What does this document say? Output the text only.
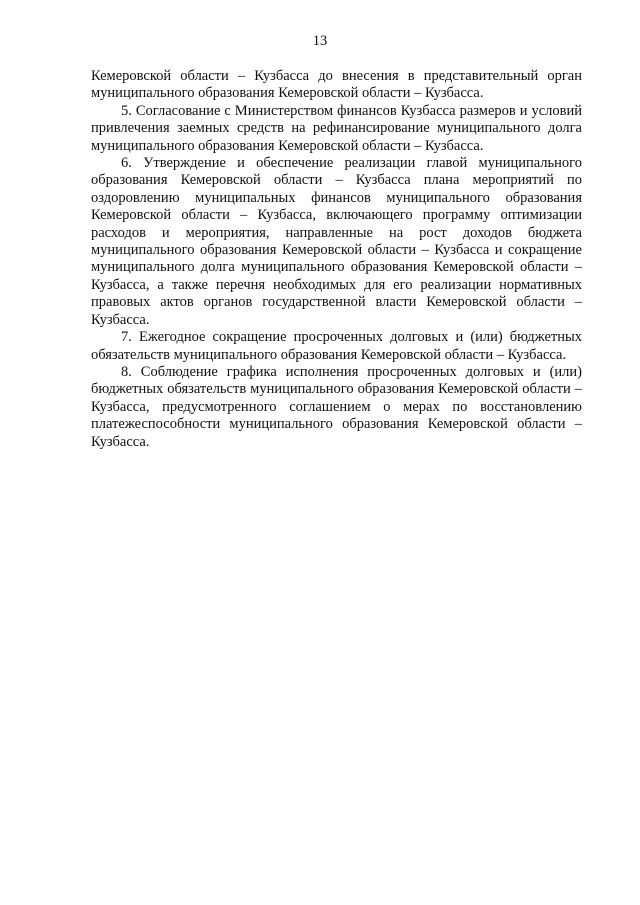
13

Кемеровской области – Кузбасса до внесения в представительный орган муниципального образования Кемеровской области – Кузбасса.

5. Согласование с Министерством финансов Кузбасса размеров и условий привлечения заемных средств на рефинансирование муниципального долга муниципального образования Кемеровской области – Кузбасса.

6. Утверждение и обеспечение реализации главой муниципального образования Кемеровской области – Кузбасса плана мероприятий по оздоровлению муниципальных финансов муниципального образования Кемеровской области – Кузбасса, включающего программу оптимизации расходов и мероприятия, направленные на рост доходов бюджета муниципального образования Кемеровской области – Кузбасса и сокращение муниципального долга муниципального образования Кемеровской области – Кузбасса, а также перечня необходимых для его реализации нормативных правовых актов органов государственной власти Кемеровской области – Кузбасса.

7. Ежегодное сокращение просроченных долговых и (или) бюджетных обязательств муниципального образования Кемеровской области – Кузбасса.

8. Соблюдение графика исполнения просроченных долговых и (или) бюджетных обязательств муниципального образования Кемеровской области – Кузбасса, предусмотренного соглашением о мерах по восстановлению платежеспособности муниципального образования Кемеровской области – Кузбасса.
